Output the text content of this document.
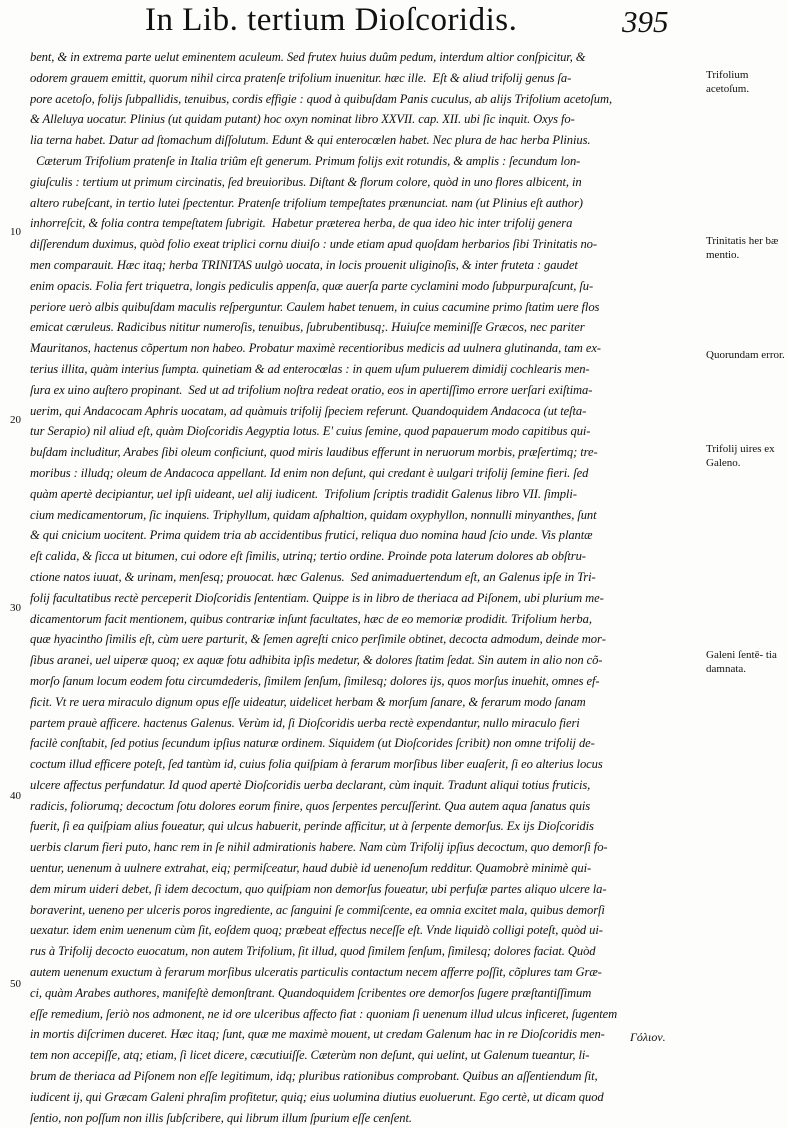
In Lib. tertium Dioſcoridis.	395
10
20
30
40
50
Trifolium acetoſum.
Trinitatis her bæ mentio.
Quorundam error.
Trifolij uires ex Galeno.
Galeni ſentē‑ tia damnata.
bent, & in extrema parte uelut eminentem aculeum. Sed frutex huius duûm pedum, interdum altior conſpicitur, &
odorem grauem emittit, quorum nihil circa pratenſe trifolium inuenitur. hæc ille.  Eſt & aliud trifolij genus ſa‑
pore acetoſo, folijs ſubpallidis, tenuibus, cordis effigie : quod à quibuſdam Panis cuculus, ab alijs Trifolium acetoſum,
& Alleluya uocatur. Plinius (ut quidam putant) hoc oxyn nominat libro XXVII. cap. XII. ubi ſic inquit. Oxys fo‑
lia terna habet. Datur ad ſtomachum diſſolutum. Edunt & qui enterocœlen habet. Nec plura de hac herba Plinius.
Cæterum Trifolium pratenſe in Italia triûm eſt generum. Primum folijs exit rotundis, & amplis : ſecundum lon‑
giuſculis : tertium ut primum circinatis, ſed breuioribus. Diſtant & florum colore, quòd in uno flores albicent, in
altero rubeſcant, in tertio lutei ſpectentur. Pratenſe trifolium tempeſtates prænunciat. nam (ut Plinius eſt author)
inhorreſcit, & folia contra tempeſtatem ſubrigit.  Habetur præterea herba, de qua ideo hic inter trifolij genera
diſſerendum duximus, quòd folio exeat triplici cornu diuiſo : unde etiam apud quoſdam herbarios ſibi Trinitatis no‑
men comparauit. Hæc itaq; herba TRINITAS uulgò uocata, in locis prouenit uliginoſis, & inter fruteta : gaudet
enim opacis. Folia fert triquetra, longis pediculis appenſa, quæ auerſa parte cyclamini modo ſubpurpuraſcunt, ſu‑
periore uerò albis quibuſdam maculis reſperguntur. Caulem habet tenuem, in cuius cacumine primo ſtatim uere flos
emicat cæruleus. Radicibus nititur numeroſis, tenuibus, ſubrubentibusq;. Huiuſce meminiſſe Græcos, nec pariter
Mauritanos, hactenus cõpertum non habeo. Probatur maximè recentioribus medicis ad uulnera glutinanda, tam ex‑
terius illita, quàm interius ſumpta. quinetiam & ad enterocœlas : in quem uſum puluerem dimidij cochlearis men‑
ſura ex uino auſtero propinant.  Sed ut ad trifolium noſtra redeat oratio, eos in apertiſſimo errore uerſari exiſtima‑
uerim, qui Andacocam Aphris uocatam, ad quàmuis trifolij ſpeciem referunt. Quandoquidem Andacoca (ut teſta‑
tur Serapio) nil aliud eſt, quàm Dioſcoridis Aegyptia lotus. E' cuius ſemine, quod papauerum modo capitibus qui‑
buſdam includitur, Arabes ſibi oleum conficiunt, quod miris laudibus efferunt in neruorum morbis, præſertimq; tre‑
moribus : illudq; oleum de Andacoca appellant. Id enim non deſunt, qui credant è uulgari trifolij ſemine fieri. ſed
quàm apertè decipiantur, uel ipſi uideant, uel alij iudicent.  Trifolium ſcriptis tradidit Galenus libro VII. ſimpli‑
cium medicamentorum, ſic inquiens. Triphyllum, quidam aſphaltion, quidam oxyphyllon, nonnulli minyanthes, ſunt
& qui cnicium uocitent. Prima quidem tria ab accidentibus frutici, reliqua duo nomina haud ſcio unde. Vis plantæ
eſt calida, & ſicca ut bitumen, cui odore eſt ſimilis, utrinq; tertio ordine. Proinde pota laterum dolores ab obſtru‑
ctione natos iuuat, & urinam, menſesq; prouocat. hæc Galenus.  Sed animaduertendum eſt, an Galenus ipſe in Tri‑
folij facultatibus rectè perceperit Dioſcoridis ſententiam. Quippe is in libro de theriaca ad Piſonem, ubi plurium me‑
dicamentorum facit mentionem, quibus contrariæ inſunt facultates, hæc de eo memoriæ prodidit. Trifolium herba,
quæ hyacintho ſimilis eſt, cùm uere parturit, & ſemen agreſti cnico perſimile obtinet, decocta admodum, deinde mor‑
ſibus aranei, uel uiperæ quoq; ex aquæ fotu adhibita ipſis medetur, & dolores ſtatim ſedat. Sin autem in alio non cõ‑
morſo ſanum locum eodem fotu circumdederis, ſimilem ſenſum, ſimilesq; dolores ijs, quos morſus inuehit, omnes ef‑
ficit. Vt re uera miraculo dignum opus eſſe uideatur, uidelicet herbam & morſum ſanare, & ferarum modo ſanam
partem prauè afficere. hactenus Galenus. Verùm id, ſi Dioſcoridis uerba rectè expendantur, nullo miraculo fieri
facilè conſtabit, ſed potius ſecundum ipſius naturæ ordinem. Siquidem (ut Dioſcorides ſcribit) non omne trifolij de‑
coctum illud efficere poteſt, ſed tantùm id, cuius folia quiſpiam à ferarum morſibus liber euaſerit, ſi eo alterius locus
ulcere affectus perfundatur. Id quod apertè Dioſcoridis uerba declarant, cùm inquit. Tradunt aliqui totius fruticis,
radicis, foliorumq; decoctum ſotu dolores eorum finire, quos ſerpentes percuſſerint. Qua autem aqua ſanatus quis
fuerit, ſi ea quiſpiam alius foueatur, qui ulcus habuerit, perinde afficitur, ut à ſerpente demorſus. Ex ijs Dioſcoridis
uerbis clarum fieri puto, hanc rem in ſe nihil admirationis habere. Nam cùm Trifolij ipſius decoctum, quo demorſi fo‑
uentur, uenenum à uulnere extrahat, eiq; permiſceatur, haud dubiè id uenenoſum redditur. Quamobrè minimè qui‑
dem mirum uideri debet, ſi idem decoctum, quo quiſpiam non demorſus foueatur, ubi perfuſæ partes aliquo ulcere la‑
boraverint, ueneno per ulceris poros ingrediente, ac ſanguini ſe commiſcente, ea omnia excitet mala, quibus demorſi
uexatur. idem enim uenenum cùm ſit, eoſdem quoq; præbeat effectus neceſſe eſt. Vnde liquidò colligi poteſt, quòd ui‑
rus à Trifolij decocto euocatum, non autem Trifolium, ſit illud, quod ſimilem ſenſum, ſimilesq; dolores faciat. Quòd
autem uenenum exuctum à ferarum morſibus ulceratis particulis contactum necem afferre poſſit, cõplures tam Græ‑
ci, quàm Arabes authores, manifeſtè demonſtrant. Quandoquidem ſcribentes ore demorſos ſugere præſtantiſſimum
eſſe remedium, ſeriò nos admonent, ne id ore ulceribus affecto fiat : quoniam ſi uenenum illud ulcus inficeret, ſugentem
in mortis diſcrimen duceret. Hæc itaq; ſunt, quæ me maximè mouent, ut credam Galenum hac in re Dioſcoridis men‑
tem non accepiſſe, atq; etiam, ſi licet dicere, cæcutiuiſſe. Cæterùm non deſunt, qui uelint, ut Galenum tueantur, li‑
brum de theriaca ad Piſonem non eſſe legitimum, idq; pluribus rationibus comprobant. Quibus an aſſentiendum ſit,
iudicent ij, qui Græcam Galeni phraſim profitetur, quiq; eius uolumina diutius euoluerunt. Ego certè, ut dicam quod
ſentio, non poſſum non illis ſubſcribere, qui librum illum ſpurium eſſe cenſent.
Γόλιον.
